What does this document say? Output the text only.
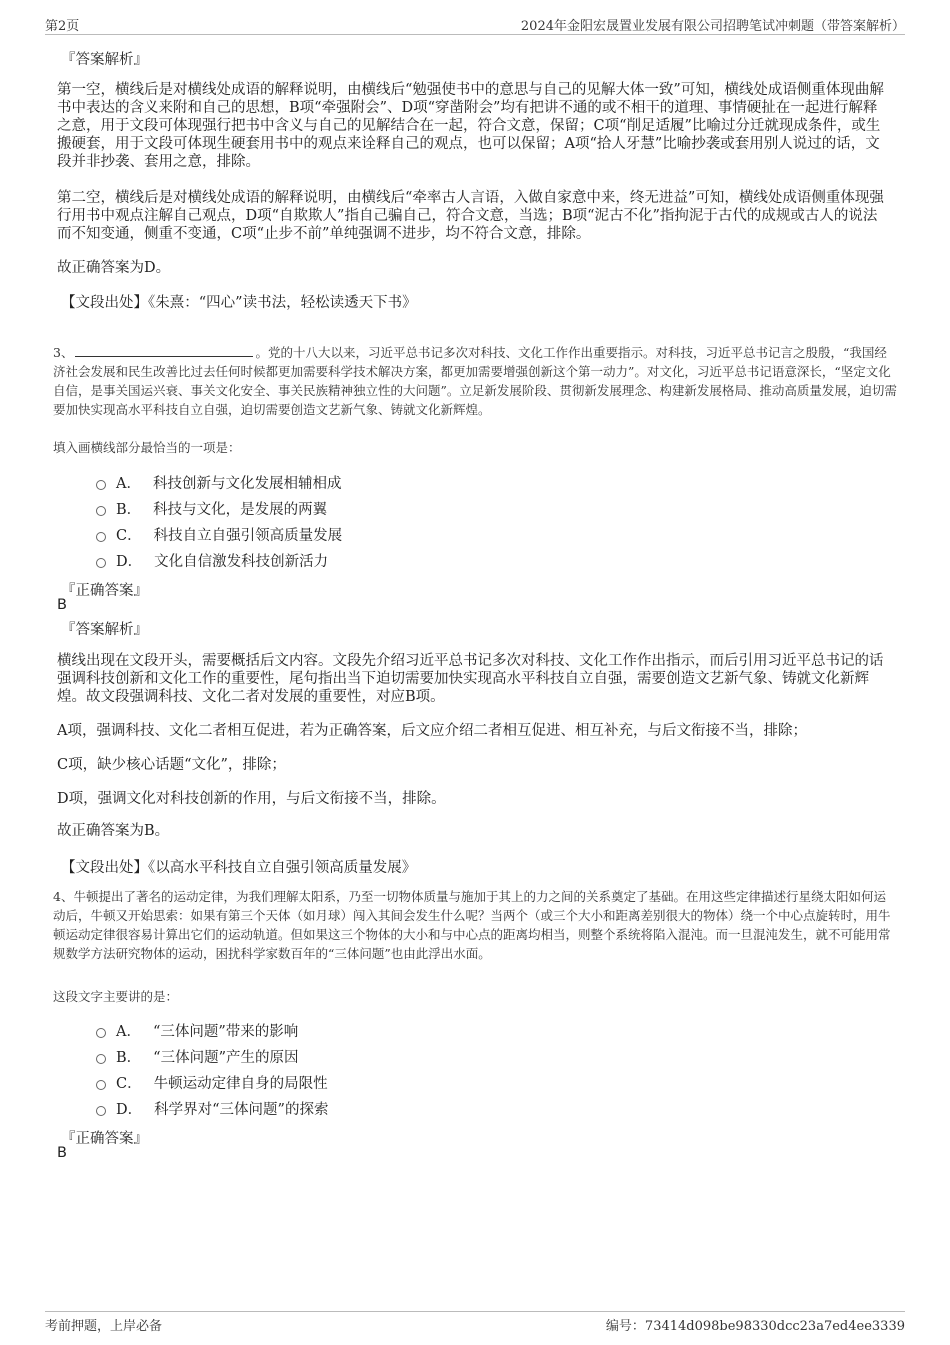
第2页	2024年金阳宏晟置业发展有限公司招聘笔试冲刺题（带答案解析）
『答案解析』
第一空，横线后是对横线处成语的解释说明，由横线后“勉强使书中的意思与自己的见解大体一致”可知，横线处成语侧重体现曲解书中表达的含义来附和自己的思想，B项“牵强附会”、D项“穿凿附会”均有把讲不通的或不相干的道理、事情硬扯在一起进行解释之意，用于文段可体现强行把书中含义与自己的见解结合在一起，符合文意，保留；C项“削足适履”比喻过分迁就现成条件，或生搬硬套，用于文段可体现生硬套用书中的观点来诠释自己的观点，也可以保留；A项“拾人牙慧”比喻抄袭或套用别人说过的话，文段并非抄袭、套用之意，排除。
第二空，横线后是对横线处成语的解释说明，由横线后“牵率古人言语，入做自家意中来，终无进益”可知，横线处成语侧重体现强行用书中观点注解自己观点，D项“自欺欺人”指自己骗自己，符合文意，当选；B项“泥古不化”指拘泥于古代的成规或古人的说法而不知变通，侧重不变通，C项“止步不前”单纯强调不进步，均不符合文意，排除。
故正确答案为D。
【文段出处】《朱熹：“四心”读书法，轻松读透天下书》
3、	。党的十八大以来，习近平总书记多次对科技、文化工作作出重要指示。对科技，习近平总书记言之殷殷，“我国经济社会发展和民生改善比过去任何时候都更加需要科学技术解决方案，都更加需要增强创新这个第一动力”。对文化，习近平总书记语意深长，“坚定文化自信，是事关国运兴衰、事关文化安全、事关民族精神独立性的大问题”。立足新发展阶段、贯彻新发展理念、构建新发展格局、推动高质量发展，迫切需要加快实现高水平科技自立自强，迫切需要创造文艺新气象、铸就文化新辉煌。
填入画横线部分最恰当的一项是：
A． 科技创新与文化发展相辅相成
B． 科技与文化，是发展的两翼
C． 科技自立自强引领高质量发展
D． 文化自信激发科技创新活力
『正确答案』
B
『答案解析』
横线出现在文段开头，需要概括后文内容。文段先介绍习近平总书记多次对科技、文化工作作出指示，而后引用习近平总书记的话强调科技创新和文化工作的重要性，尾句指出当下迫切需要加快实现高水平科技自立自强，需要创造文艺新气象、铸就文化新辉煌。故文段强调科技、文化二者对发展的重要性，对应B项。
A项，强调科技、文化二者相互促进，若为正确答案，后文应介绍二者相互促进、相互补充，与后文衔接不当，排除；
C项，缺少核心话题“文化”，排除；
D项，强调文化对科技创新的作用，与后文衔接不当，排除。
故正确答案为B。
【文段出处】《以高水平科技自立自强引领高质量发展》
4、牛顿提出了著名的运动定律，为我们理解太阳系，乃至一切物体质量与施加于其上的力之间的关系奠定了基础。在用这些定律描述行星绕太阳如何运动后，牛顿又开始思索：如果有第三个天体（如月球）闯入其间会发生什么呢？当两个（或三个大小和距离差别很大的物体）绕一个中心点旋转时，用牛顿运动定律很容易计算出它们的运动轨道。但如果这三个物体的大小和与中心点的距离均相当，则整个系统将陷入混沌。而一旦混沌发生，就不可能用常规数学方法研究物体的运动，困扰科学家数百年的“三体问题”也由此浮出水面。
这段文字主要讲的是：
A． “三体问题”带来的影响
B． “三体问题”产生的原因
C． 牛顿运动定律自身的局限性
D． 科学界对“三体问题”的探索
『正确答案』
B
考前押题，上岸必备	编号：73414d098be98330dcc23a7ed4ee3339
